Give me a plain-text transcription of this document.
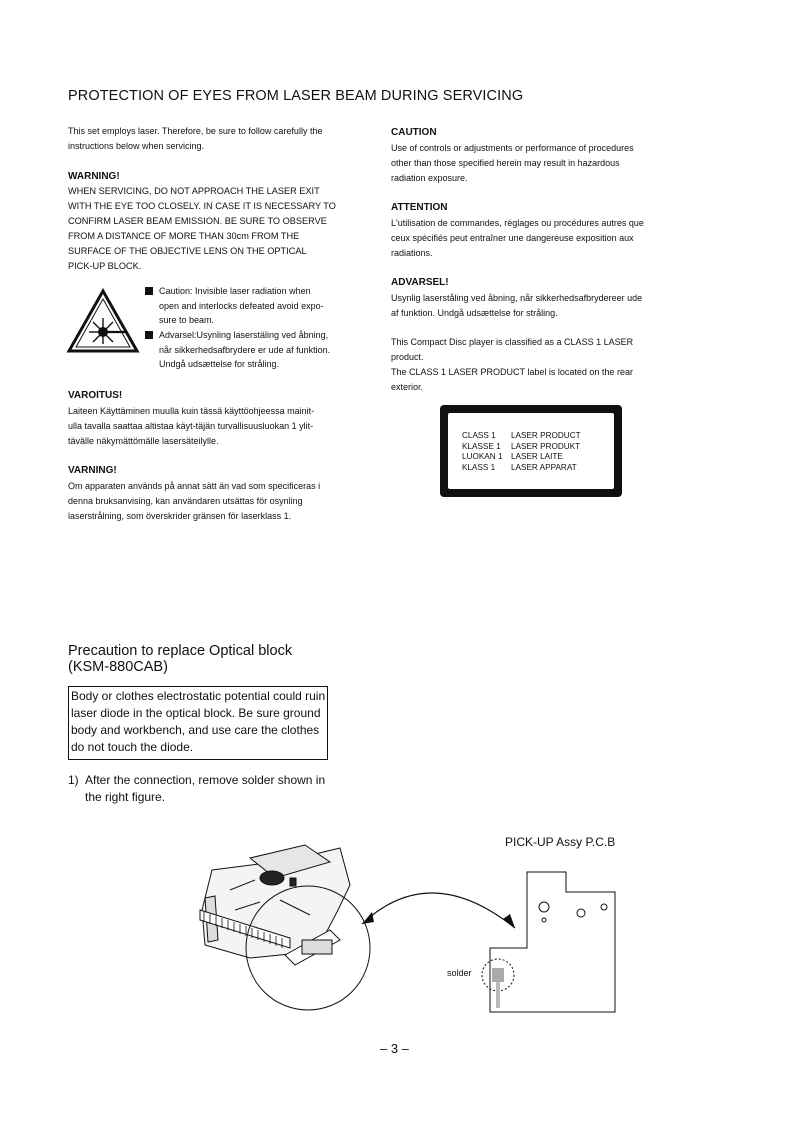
PROTECTION OF EYES FROM LASER BEAM DURING SERVICING
This set employs laser. Therefore, be sure to follow carefully the
instructions below when servicing.
WARNING!
WHEN SERVICING, DO NOT APPROACH THE LASER EXIT
WITH THE EYE TOO CLOSELY. IN CASE IT IS NECESSARY TO
CONFIRM LASER BEAM EMISSION. BE SURE TO OBSERVE
FROM A DISTANCE OF MORE THAN 30cm FROM THE
SURFACE OF THE OBJECTIVE LENS ON THE OPTICAL
PICK-UP BLOCK.
Caution: Invisible laser radiation when
open and interlocks defeated avoid expo-
sure to beam.
Advarsel:Usynling laserstäling ved åbning,
når sikkerhedsafbrydere er ude af funktion.
Undgå udsættelse for stråling.
VAROITUS!
Laiteen Käyttäminen muulla kuin tässä käyttöohjeessa mainit-
ulla tavalla saattaa altistaa käyt-täjän turvallisuusluokan 1 ylit-
tävälle näkymättömälle lasersäteilylle.
VARNING!
Om apparaten används på annat sätt än vad som specificeras i
denna bruksanvising, kan användaren utsättas för osynling
laserstrålning, som överskrider gränsen för laserklass 1.
CAUTION
Use of controls or adjustments or performance of procedures
other than those specified herein may result in hazardous
radiation exposure.
ATTENTION
L'utilisation de commandes, réglages ou procédures autres que
ceux spécifiés peut entraîner une dangereuse exposition aux
radiations.
ADVARSEL!
Usynlig laserståling ved åbning, når sikkerhedsafbrydereer ude
af funktion. Undgå udsættelse for stråling.
This Compact Disc player is classified as a CLASS 1 LASER
product.
The CLASS 1 LASER PRODUCT label is located on the rear
exterior.
CLASS 1 LASER PRODUCT
KLASSE 1 LASER PRODUKT
LUOKAN 1 LASER LAITE
KLASS 1 LASER APPARAT
Precaution to replace Optical block
(KSM-880CAB)
Body or clothes electrostatic potential could ruin
laser diode in the optical block. Be sure ground
body and workbench, and use care the clothes
do not touch the diode.
1) After the connection, remove solder shown in
the right figure.
PICK-UP Assy P.C.B
solder
– 3 –
